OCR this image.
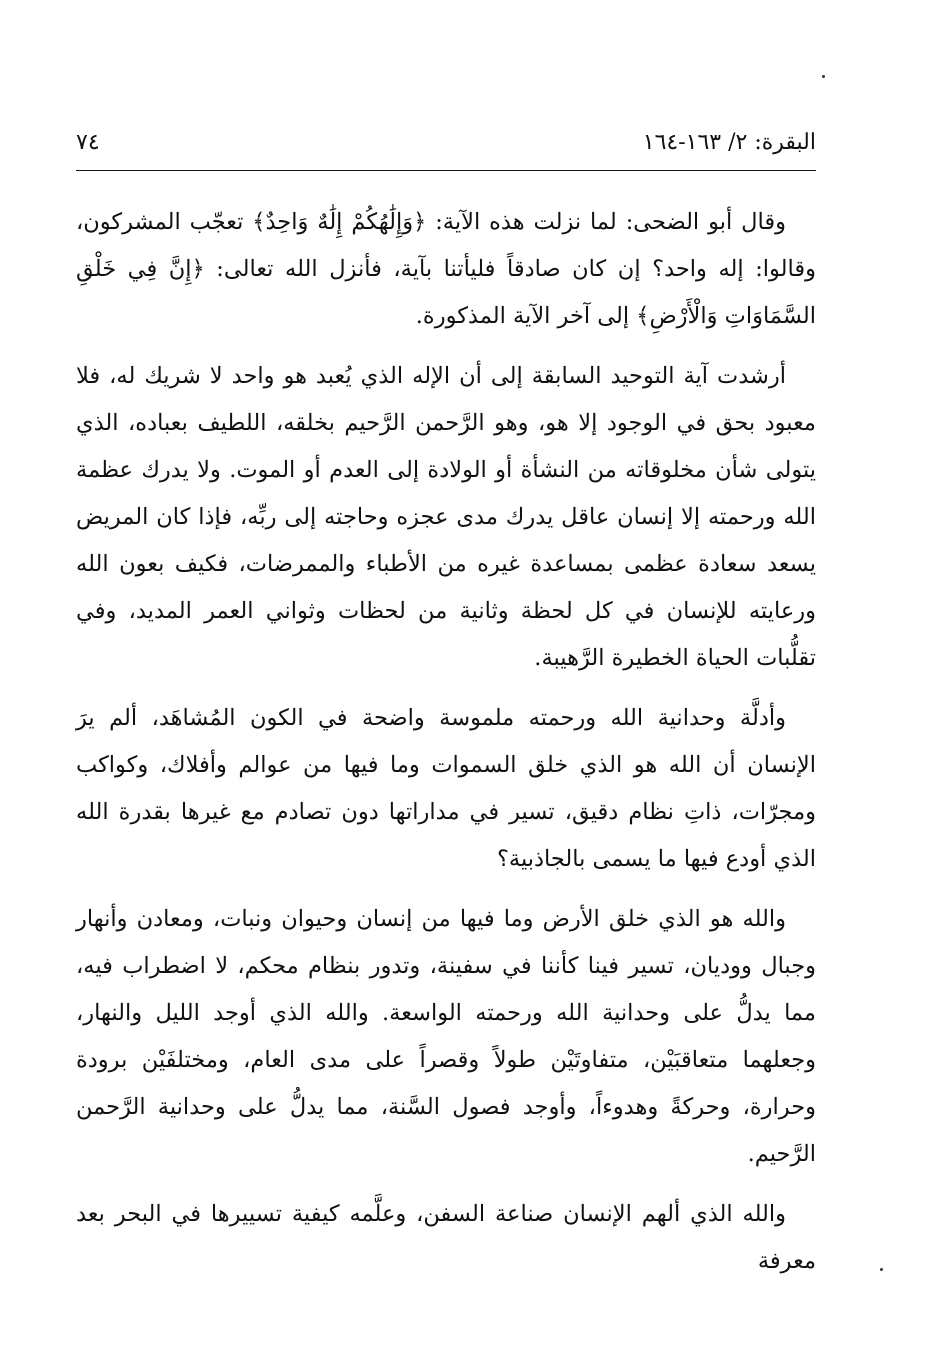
البقرة: ٢/ ١٦٣-١٦٤
٧٤

وقال أبو الضحى: لما نزلت هذه الآية: ﴿وَإِلَٰهُكُمْ إِلَٰهٌ وَاحِدٌ﴾ تعجّب المشركون، وقالوا: إله واحد؟ إن كان صادقاً فليأتنا بآية، فأنزل الله تعالى: ﴿إِنَّ فِي خَلْقِ السَّمَاوَاتِ وَالْأَرْضِ﴾ إلى آخر الآية المذكورة.

أرشدت آية التوحيد السابقة إلى أن الإله الذي يُعبد هو واحد لا شريك له، فلا معبود بحق في الوجود إلا هو، وهو الرَّحمن الرَّحيم بخلقه، اللطيف بعباده، الذي يتولى شأن مخلوقاته من النشأة أو الولادة إلى العدم أو الموت. ولا يدرك عظمة الله ورحمته إلا إنسان عاقل يدرك مدى عجزه وحاجته إلى ربِّه، فإذا كان المريض يسعد سعادة عظمى بمساعدة غيره من الأطباء والممرضات، فكيف بعون الله ورعايته للإنسان في كل لحظة وثانية من لحظات وثواني العمر المديد، وفي تقلُّبات الحياة الخطيرة الرَّهيبة.

وأدلَّة وحدانية الله ورحمته ملموسة واضحة في الكون المُشاهَد، ألم يرَ الإنسان أن الله هو الذي خلق السموات وما فيها من عوالم وأفلاك، وكواكب ومجرّات، ذاتِ نظام دقيق، تسير في مداراتها دون تصادم مع غيرها بقدرة الله الذي أودع فيها ما يسمى بالجاذبية؟

والله هو الذي خلق الأرض وما فيها من إنسان وحيوان ونبات، ومعادن وأنهار وجبال ووديان، تسير فينا كأننا في سفينة، وتدور بنظام محكم، لا اضطراب فيه، مما يدلُّ على وحدانية الله ورحمته الواسعة. والله الذي أوجد الليل والنهار، وجعلهما متعاقبَيْن، متفاوتَيْن طولاً وقصراً على مدى العام، ومختلفَيْن برودة وحرارة، وحركةً وهدوءاً، وأوجد فصول السَّنة، مما يدلُّ على وحدانية الرَّحمن الرَّحيم.

والله الذي ألهم الإنسان صناعة السفن، وعلَّمه كيفية تسييرها في البحر بعد معرفة
